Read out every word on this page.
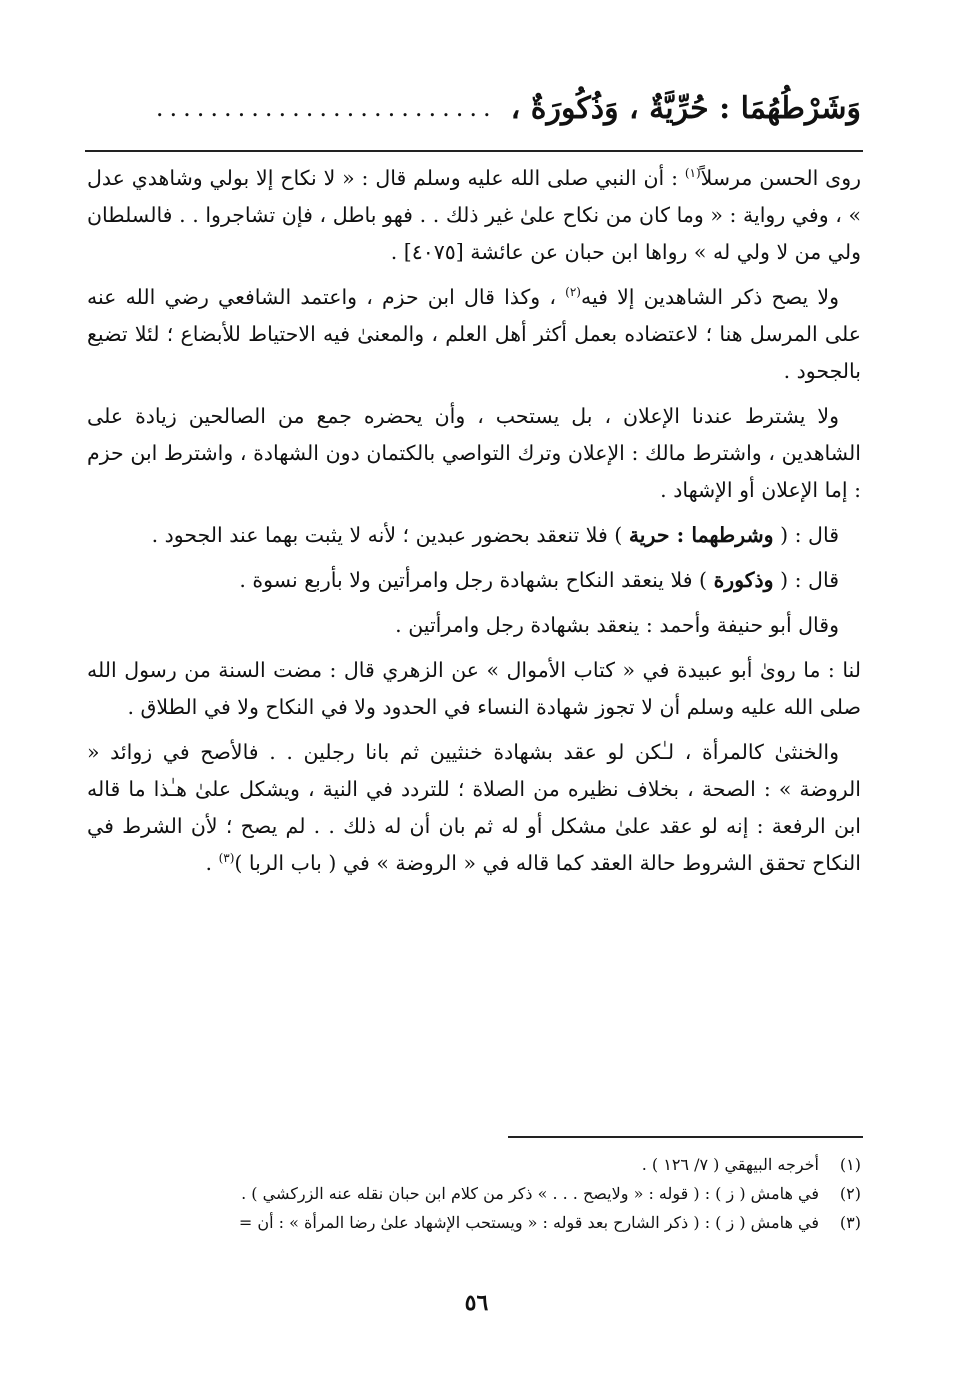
وَشَرْطُهُمَا : حُرِّيَّةٌ ، وَذُكُورَةٌ ،
.........................

روى الحسن مرسلاً$^{(١)}$ : أن النبي صلى الله عليه وسلم قال : « لا نكاح إلا بولي وشاهدي عدل » ، وفي رواية : « وما كان من نكاح علىٰ غير ذلك . . فهو باطل ، فإن تشاجروا . . فالسلطان ولي من لا ولي له » رواها ابن حبان عن عائشة [٤٠٧٥] .

ولا يصح ذكر الشاهدين إلا فيه$^{(٢)}$ ، وكذا قال ابن حزم ، واعتمد الشافعي رضي الله عنه على المرسل هنا ؛ لاعتضاده بعمل أكثر أهل العلم ، والمعنىٰ فيه الاحتياط للأبضاع ؛ لئلا تضيع بالجحود .

ولا يشترط عندنا الإعلان ، بل يستحب ، وأن يحضره جمع من الصالحين زيادة على الشاهدين ، واشترط مالك : الإعلان وترك التواصي بالكتمان دون الشهادة ، واشترط ابن حزم : إما الإعلان أو الإشهاد .

قال : ( وشرطهما : حرية ) فلا تنعقد بحضور عبدين ؛ لأنه لا يثبت بهما عند الجحود .

قال : ( وذكورة ) فلا ينعقد النكاح بشهادة رجل وامرأتين ولا بأربع نسوة .

وقال أبو حنيفة وأحمد : ينعقد بشهادة رجل وامرأتين .

لنا : ما روىٰ أبو عبيدة في « كتاب الأموال » عن الزهري قال : مضت السنة من رسول الله صلى الله عليه وسلم أن لا تجوز شهادة النساء في الحدود ولا في النكاح ولا في الطلاق .

والخنثىٰ كالمرأة ، لـٰكن لو عقد بشهادة خنثيين ثم بانا رجلين . . فالأصح في زوائد « الروضة » : الصحة ، بخلاف نظيره من الصلاة ؛ للتردد في النية ، ويشكل علىٰ هـٰذا ما قاله ابن الرفعة : إنه لو عقد علىٰ مشكل أو له ثم بان أن له ذلك . . لم يصح ؛ لأن الشرط في النكاح تحقق الشروط حالة العقد كما قاله في « الروضة » في ( باب الربا )$^{(٣)}$ .

(١)
أخرجه البيهقي ( ٧/ ١٢٦ ) .
(٢)
في هامش ( ز ) : ( قوله : « ولايصح . . . » ذكر من كلام ابن حبان نقله عنه الزركشي ) .
(٣)
في هامش ( ز ) : ( ذكر الشارح بعد قوله : « ويستحب الإشهاد علىٰ رضا المرأة » : أن =
٥٦
